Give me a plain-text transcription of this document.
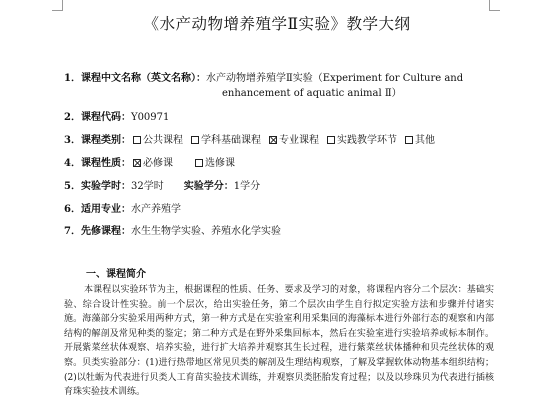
《水产动物增养殖学Ⅱ实验》教学大纲
1．课程中文名称（英文名称）：水产动物增养殖学Ⅱ实验（Experiment for Culture and
enhancement of aquatic animal Ⅱ）
2．课程代码：Y00971
3．课程类别： 公共课程 学科基础课程 专业课程 实践教学环节 其他
4．课程性质： 必修课	选修课
5．实验学时：32学时 实验学分：1学分
6．适用专业：水产养殖学
7．先修课程：水生生物学实验、养殖水化学实验
一、课程简介
本课程以实验环节为主，根据课程的性质、任务、要求及学习的对象，将课程内容分二个层次：基础实验、综合设计性实验。前一个层次，给出实验任务，第二个层次由学生自行拟定实验方法和步骤并付诸实施。海藻部分实验采用两种方式，第一种方式是在实验室利用采集回的海藻标本进行外部行态的观察和内部结构的解剖及常见种类的鉴定；第二种方式是在野外采集回标本，然后在实验室进行实验培养或标本制作。开展紫菜丝状体观察、培养实验，进行扩大培养并观察其生长过程，进行紫菜丝状体播种和贝壳丝状体的观察。贝类实验部分：(1)进行热带地区常见贝类的解剖及生理结构观察，了解及掌握软体动物基本组织结构；(2)以牡蛎为代表进行贝类人工育苗实验技术训练，并观察贝类胚胎发育过程；以及以珍珠贝为代表进行插核育珠实验技术训练。
